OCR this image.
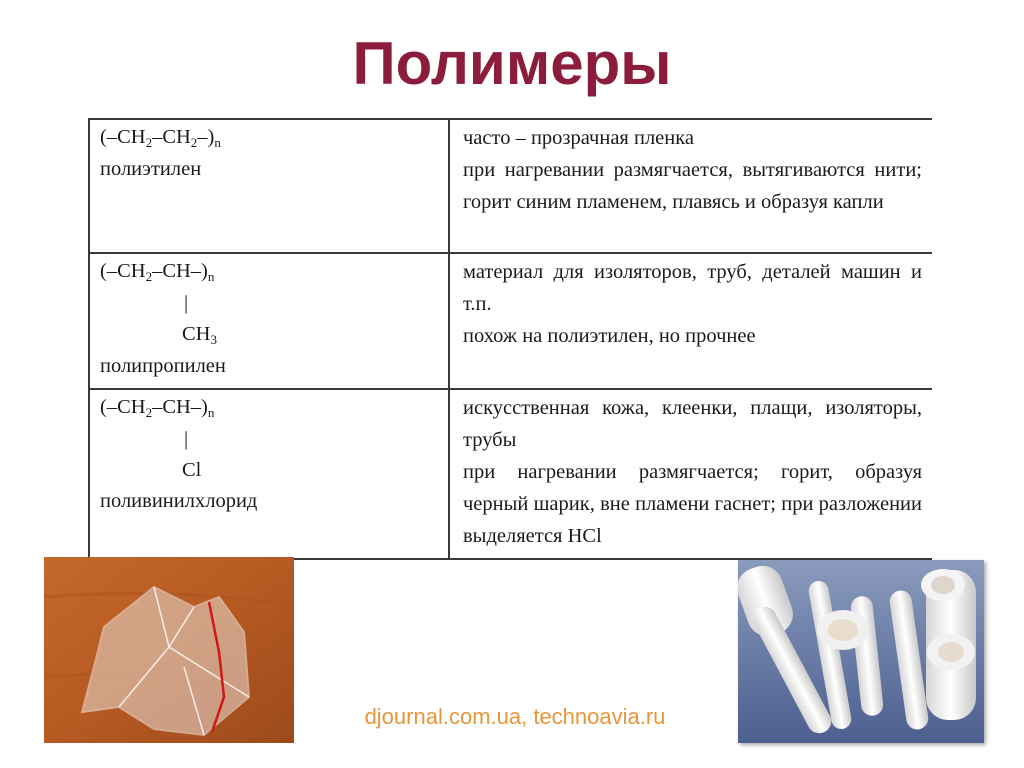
Полимеры
(–CH2–CH2–)n
полиэтилен	часто – прозрачная пленка
при нагревании размягчается, вытягиваются нити; горит синим пламенем, плавясь и образуя капли

(–CH2–CH–)n
|
CH3
полипропилен	материал для изоляторов, труб, деталей машин и т.п.
похож на полиэтилен, но прочнее

(–CH2–CH–)n
|
Cl
поливинилхлорид	искусственная кожа, клеенки, плащи, изоляторы, трубы
при нагревании размягчается; горит, образуя черный шарик, вне пламени гаснет; при разложении выделяется HCl
djournal.com.ua, technoavia.ru
